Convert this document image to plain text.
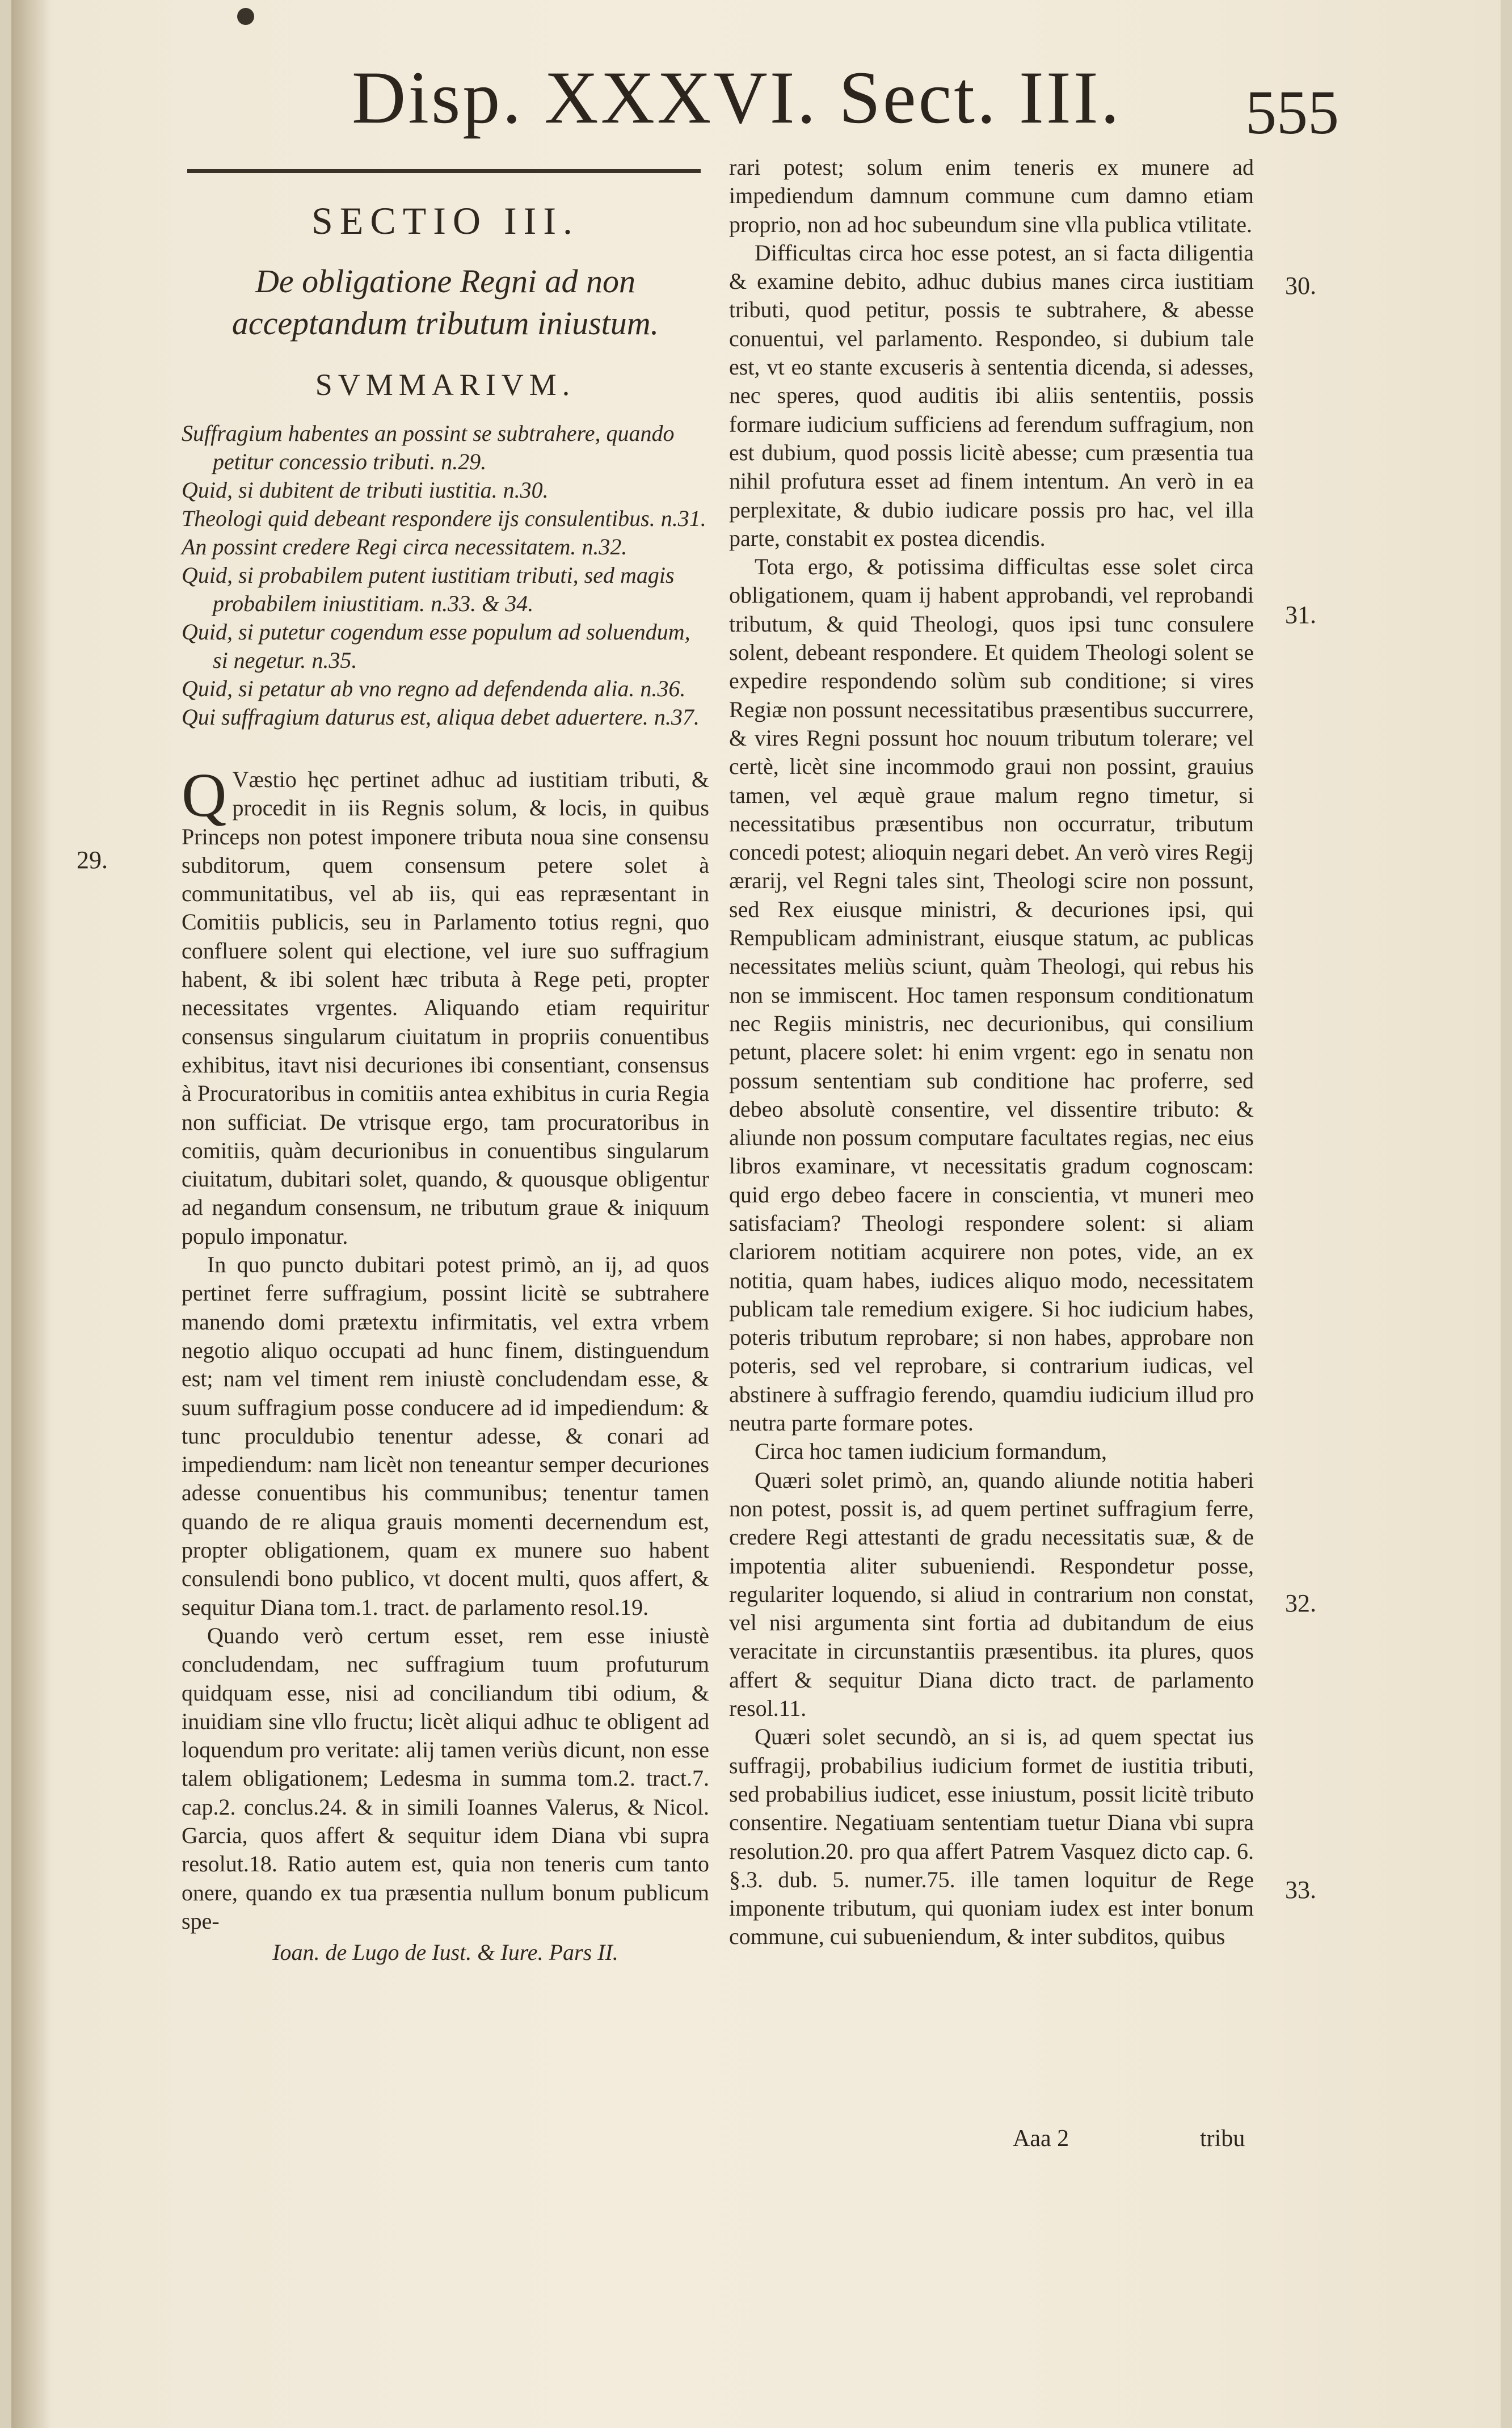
Disp. XXXVI. Sect. III. 555
SECTIO III.
De obligatione Regni ad non acceptandum tributum iniustum.
SVMMARIVM.

Suffragium habentes an possint se subtrahere, quando petitur concessio tributi. n.29.

Quid, si dubitent de tributi iustitia. n.30.

Theologi quid debeant respondere ijs consulentibus. n.31.

An possint credere Regi circa necessitatem. n.32.

Quid, si probabilem putent iustitiam tributi, sed magis probabilem iniustitiam. n.33. & 34.

Quid, si putetur cogendum esse populum ad soluendum, si negetur. n.35.

Quid, si petatur ab vno regno ad defendenda alia. n.36.

Qui suffragium daturus est, aliqua debet aduertere. n.37.

Q Væstio hęc pertinet adhuc ad iustitiam tributi, & procedit in iis Regnis solum, & locis, in quibus Princeps non potest imponere tributa noua sine consensu subditorum, quem consensum petere solet à communitatibus, vel ab iis, qui eas repræsentant in Comitiis publicis, seu in Parlamento totius regni, quo confluere solent qui electione, vel iure suo suffragium habent, & ibi solent hæc tributa à Rege peti, propter necessitates vrgentes. Aliquando etiam requiritur consensus singularum ciuitatum in propriis conuentibus exhibitus, itavt nisi decuriones ibi consentiant, consensus à Procuratoribus in comitiis antea exhibitus in curia Regia non sufficiat. De vtrisque ergo, tam procuratoribus in comitiis, quàm decurionibus in conuentibus singularum ciuitatum, dubitari solet, quando, & quousque obligentur ad negandum consensum, ne tributum graue & iniquum populo imponatur.

In quo puncto dubitari potest primò, an ij, ad quos pertinet ferre suffragium, possint licitè se subtrahere manendo domi prætextu infirmitatis, vel extra vrbem negotio aliquo occupati ad hunc finem, distinguendum est; nam vel timent rem iniustè concludendam esse, & suum suffragium posse conducere ad id impediendum: & tunc proculdubio tenentur adesse, & conari ad impediendum: nam licèt non teneantur semper decuriones adesse conuentibus his communibus; tenentur tamen quando de re aliqua grauis momenti decernendum est, propter obligationem, quam ex munere suo habent consulendi bono publico, vt docent multi, quos affert, & sequitur Diana tom.1. tract. de parlamento resol.19.

Quando verò certum esset, rem esse iniustè concludendam, nec suffragium tuum profuturum quidquam esse, nisi ad conciliandum tibi odium, & inuidiam sine vllo fructu; licèt aliqui adhuc te obligent ad loquendum pro veritate: alij tamen veriùs dicunt, non esse talem obligationem; Ledesma in summa tom.2. tract.7. cap.2. conclus.24. & in simili Ioannes Valerus, & Nicol. Garcia, quos affert & sequitur idem Diana vbi supra resolut.18. Ratio autem est, quia non teneris cum tanto onere, quando ex tua præsentia nullum bonum publicum spe-

Ioan. de Lugo de Iust. & Iure. Pars II.

rari potest; solum enim teneris ex munere ad impediendum damnum commune cum damno etiam proprio, non ad hoc subeundum sine vlla publica vtilitate.

Difficultas circa hoc esse potest, an si facta diligentia & examine debito, adhuc dubius manes circa iustitiam tributi, quod petitur, possis te subtrahere, & abesse conuentui, vel parlamento. Respondeo, si dubium tale est, vt eo stante excuseris à sententia dicenda, si adesses, nec speres, quod auditis ibi aliis sententiis, possis formare iudicium sufficiens ad ferendum suffragium, non est dubium, quod possis licitè abesse; cum præsentia tua nihil profutura esset ad finem intentum. An verò in ea perplexitate, & dubio iudicare possis pro hac, vel illa parte, constabit ex postea dicendis.

Tota ergo, & potissima difficultas esse solet circa obligationem, quam ij habent approbandi, vel reprobandi tributum, & quid Theologi, quos ipsi tunc consulere solent, debeant respondere. Et quidem Theologi solent se expedire respondendo solùm sub conditione; si vires Regiæ non possunt necessitatibus præsentibus succurrere, & vires Regni possunt hoc nouum tributum tolerare; vel certè, licèt sine incommodo graui non possint, grauius tamen, vel æquè graue malum regno timetur, si necessitatibus præsentibus non occurratur, tributum concedi potest; alioquin negari debet. An verò vires Regij ærarij, vel Regni tales sint, Theologi scire non possunt, sed Rex eiusque ministri, & decuriones ipsi, qui Rempublicam administrant, eiusque statum, ac publicas necessitates meliùs sciunt, quàm Theologi, qui rebus his non se immiscent. Hoc tamen responsum conditionatum nec Regiis ministris, nec decurionibus, qui consilium petunt, placere solet: hi enim vrgent: ego in senatu non possum sententiam sub conditione hac proferre, sed debeo absolutè consentire, vel dissentire tributo: & aliunde non possum computare facultates regias, nec eius libros examinare, vt necessitatis gradum cognoscam: quid ergo debeo facere in conscientia, vt muneri meo satisfaciam? Theologi respondere solent: si aliam clariorem notitiam acquirere non potes, vide, an ex notitia, quam habes, iudices aliquo modo, necessitatem publicam tale remedium exigere. Si hoc iudicium habes, poteris tributum reprobare; si non habes, approbare non poteris, sed vel reprobare, si contrarium iudicas, vel abstinere à suffragio ferendo, quamdiu iudicium illud pro neutra parte formare potes.

Circa hoc tamen iudicium formandum,

Quæri solet primò, an, quando aliunde notitia haberi non potest, possit is, ad quem pertinet suffragium ferre, credere Regi attestanti de gradu necessitatis suæ, & de impotentia aliter subueniendi. Respondetur posse, regulariter loquendo, si aliud in contrarium non constat, vel nisi argumenta sint fortia ad dubitandum de eius veracitate in circunstantiis præsentibus. ita plures, quos affert & sequitur Diana dicto tract. de parlamento resol.11.

Quæri solet secundò, an si is, ad quem spectat ius suffragij, probabilius iudicium formet de iustitia tributi, sed probabilius iudicet, esse iniustum, possit licitè tributo consentire. Negatiuam sententiam tuetur Diana vbi supra resolution.20. pro qua affert Patrem Vasquez dicto cap. 6. §.3. dub. 5. numer.75. ille tamen loquitur de Rege imponente tributum, qui quoniam iudex est inter bonum commune, cui subueniendum, & inter subditos, quibus

Aaa 2	tribu
29.
30.
31.
32.
33.
